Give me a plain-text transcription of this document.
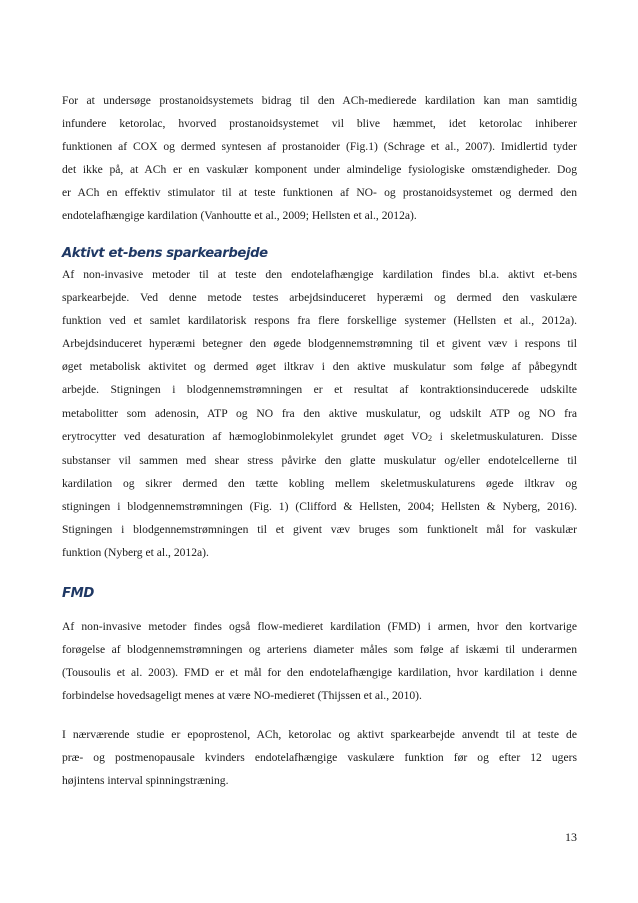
For at undersøge prostanoidsystemets bidrag til den ACh-medierede kardilation kan man samtidig
infundere ketorolac, hvorved prostanoidsystemet vil blive hæmmet, idet ketorolac inhiberer
funktionen af COX og dermed syntesen af prostanoider (Fig.1) (Schrage et al., 2007). Imidlertid tyder
det ikke på, at ACh er en vaskulær komponent under almindelige fysiologiske omstændigheder. Dog
er ACh en effektiv stimulator til at teste funktionen af NO- og prostanoidsystemet og dermed den
endotelafhængige kardilation (Vanhoutte et al., 2009; Hellsten et al., 2012a).

Aktivt et-bens sparkearbejde

Af non-invasive metoder til at teste den endotelafhængige kardilation findes bl.a. aktivt et-bens
sparkearbejde. Ved denne metode testes arbejdsinduceret hyperæmi og dermed den vaskulære
funktion ved et samlet kardilatorisk respons fra flere forskellige systemer (Hellsten et al., 2012a).
Arbejdsinduceret hyperæmi betegner den øgede blodgennemstrømning til et givent væv i respons til
øget metabolisk aktivitet og dermed øget iltkrav i den aktive muskulatur som følge af påbegyndt
arbejde. Stigningen i blodgennemstrømningen er et resultat af kontraktionsinducerede udskilte
metabolitter som adenosin, ATP og NO fra den aktive muskulatur, og udskilt ATP og NO fra
erytrocytter ved desaturation af hæmoglobinmolekylet grundet øget $VO_2$ i skeletmuskulaturen. Disse
substanser vil sammen med shear stress påvirke den glatte muskulatur og/eller endotelcellerne til
kardilation og sikrer dermed den tætte kobling mellem skeletmuskulaturens øgede iltkrav og
stigningen i blodgennemstrømningen (Fig. 1) (Clifford & Hellsten, 2004; Hellsten & Nyberg, 2016).
Stigningen i blodgennemstrømningen til et givent væv bruges som funktionelt mål for vaskulær
funktion (Nyberg et al., 2012a).

FMD

Af non-invasive metoder findes også flow-medieret kardilation (FMD) i armen, hvor den kortvarige
forøgelse af blodgennemstrømningen og arteriens diameter måles som følge af iskæmi til underarmen
(Tousoulis et al. 2003). FMD er et mål for den endotelafhængige kardilation, hvor kardilation i denne
forbindelse hovedsageligt menes at være NO-medieret (Thijssen et al., 2010).

I nærværende studie er epoprostenol, ACh, ketorolac og aktivt sparkearbejde anvendt til at teste de
præ- og postmenopausale kvinders endotelafhængige vaskulære funktion før og efter 12 ugers
højintens interval spinningstræning.

13
